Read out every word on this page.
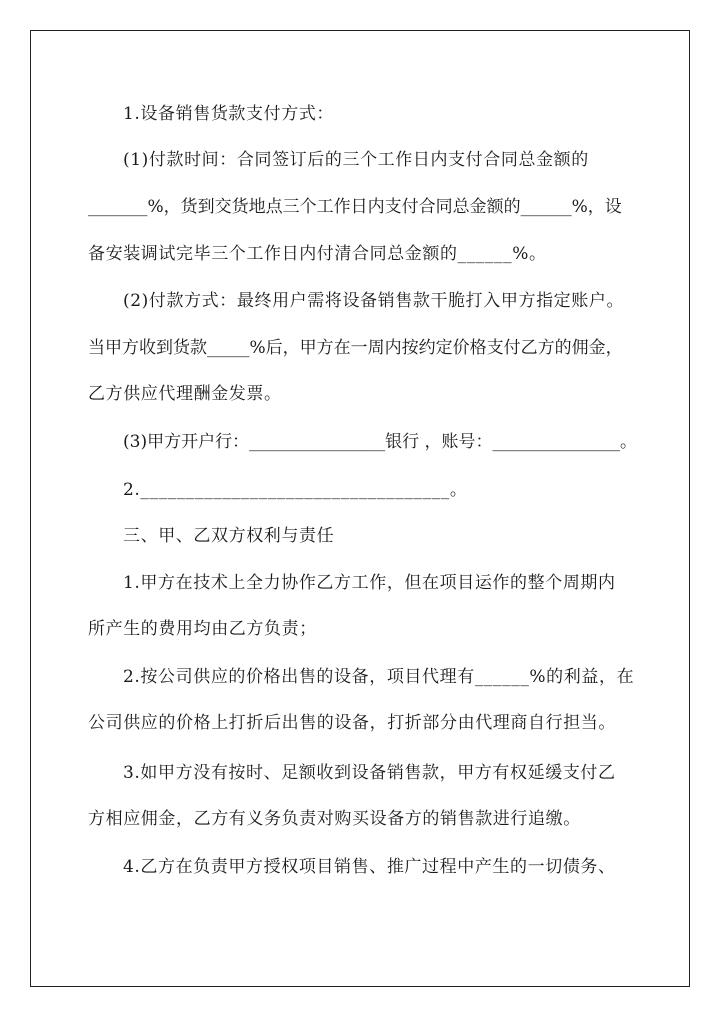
1.设备销售货款支付方式：
(1)付款时间：合同签订后的三个工作日内支付合同总金额的
_______%，货到交货地点三个工作日内支付合同总金额的______%，设
备安装调试完毕三个工作日内付清合同总金额的______%。
(2)付款方式：最终用户需将设备销售款干脆打入甲方指定账户。
当甲方收到货款_____%后，甲方在一周内按约定价格支付乙方的佣金，
乙方供应代理酬金发票。
(3)甲方开户行：________________银行 ，账号：_______________。
2.__________________________________。
三、甲、乙双方权利与责任
1.甲方在技术上全力协作乙方工作，但在项目运作的整个周期内
所产生的费用均由乙方负责；
2.按公司供应的价格出售的设备，项目代理有______%的利益，在
公司供应的价格上打折后出售的设备，打折部分由代理商自行担当。
3.如甲方没有按时、足额收到设备销售款，甲方有权延缓支付乙
方相应佣金，乙方有义务负责对购买设备方的销售款进行追缴。
4.乙方在负责甲方授权项目销售、推广过程中产生的一切债务、
